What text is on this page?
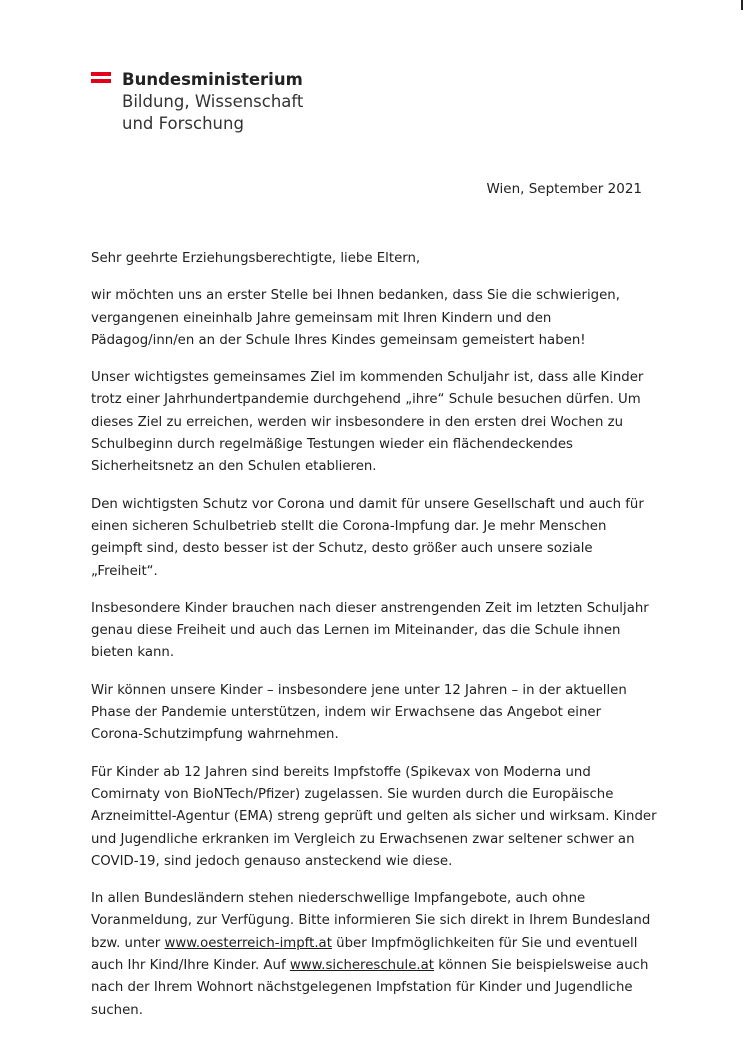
Bundesministerium
Bildung, Wissenschaft
und Forschung
Wien, September 2021

Sehr geehrte Erziehungsberechtigte, liebe Eltern,

wir möchten uns an erster Stelle bei Ihnen bedanken, dass Sie die schwierigen, vergangenen eineinhalb Jahre gemeinsam mit Ihren Kindern und den Pädagog/inn/en an der Schule Ihres Kindes gemeinsam gemeistert haben!

Unser wichtigstes gemeinsames Ziel im kommenden Schuljahr ist, dass alle Kinder trotz einer Jahrhundertpandemie durchgehend „ihre“ Schule besuchen dürfen. Um dieses Ziel zu erreichen, werden wir insbesondere in den ersten drei Wochen zu Schulbeginn durch regelmäßige Testungen wieder ein flächendeckendes Sicherheitsnetz an den Schulen etablieren.

Den wichtigsten Schutz vor Corona und damit für unsere Gesellschaft und auch für einen sicheren Schulbetrieb stellt die Corona-Impfung dar. Je mehr Menschen geimpft sind, desto besser ist der Schutz, desto größer auch unsere soziale „Freiheit“.

Insbesondere Kinder brauchen nach dieser anstrengenden Zeit im letzten Schuljahr genau diese Freiheit und auch das Lernen im Miteinander, das die Schule ihnen bieten kann.

Wir können unsere Kinder – insbesondere jene unter 12 Jahren – in der aktuellen Phase der Pandemie unterstützen, indem wir Erwachsene das Angebot einer Corona-Schutzimpfung wahrnehmen.

Für Kinder ab 12 Jahren sind bereits Impfstoffe (Spikevax von Moderna und Comirnaty von BioNTech/Pfizer) zugelassen. Sie wurden durch die Europäische Arzneimittel-Agentur (EMA) streng geprüft und gelten als sicher und wirksam. Kinder und Jugendliche erkranken im Vergleich zu Erwachsenen zwar seltener schwer an COVID-19, sind jedoch genauso ansteckend wie diese.

In allen Bundesländern stehen niederschwellige Impfangebote, auch ohne Voranmeldung, zur Verfügung. Bitte informieren Sie sich direkt in Ihrem Bundesland bzw. unter www.oesterreich-impft.at über Impfmöglichkeiten für Sie und eventuell auch Ihr Kind/Ihre Kinder. Auf www.sichereschule.at können Sie beispielsweise auch nach der Ihrem Wohnort nächstgelegenen Impfstation für Kinder und Jugendliche suchen.
